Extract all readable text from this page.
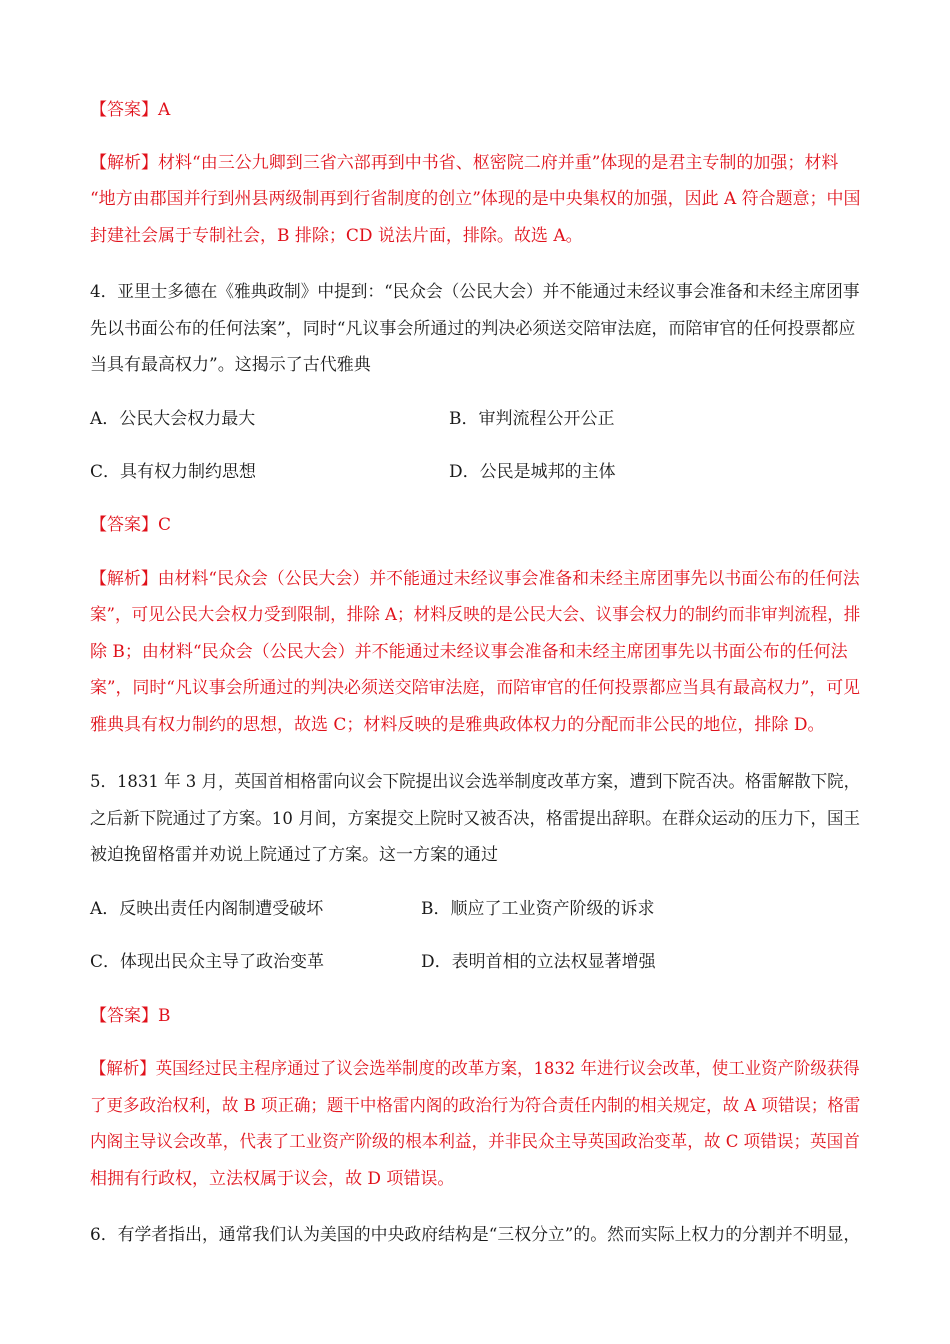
【答案】A
【解析】材料“由三公九卿到三省六部再到中书省、枢密院二府并重”体现的是君主专制的加强；材料
“地方由郡国并行到州县两级制再到行省制度的创立”体现的是中央集权的加强，因此 A 符合题意；中国
封建社会属于专制社会，B 排除；CD 说法片面，排除。故选 A。
4．亚里士多德在《雅典政制》中提到：“民众会（公民大会）并不能通过未经议事会准备和未经主席团事
先以书面公布的任何法案”，同时“凡议事会所通过的判决必须送交陪审法庭，而陪审官的任何投票都应
当具有最高权力”。这揭示了古代雅典
A．公民大会权力最大	B．审判流程公开公正
C．具有权力制约思想	D．公民是城邦的主体
【答案】C
【解析】由材料“民众会（公民大会）并不能通过未经议事会准备和未经主席团事先以书面公布的任何法
案”，可见公民大会权力受到限制，排除 A；材料反映的是公民大会、议事会权力的制约而非审判流程，排
除 B；由材料“民众会（公民大会）并不能通过未经议事会准备和未经主席团事先以书面公布的任何法
案”，同时“凡议事会所通过的判决必须送交陪审法庭，而陪审官的任何投票都应当具有最高权力”，可见
雅典具有权力制约的思想，故选 C；材料反映的是雅典政体权力的分配而非公民的地位，排除 D。
5．1831 年 3 月，英国首相格雷向议会下院提出议会选举制度改革方案，遭到下院否决。格雷解散下院，
之后新下院通过了方案。10 月间，方案提交上院时又被否决，格雷提出辞职。在群众运动的压力下，国王
被迫挽留格雷并劝说上院通过了方案。这一方案的通过
A．反映出责任内阁制遭受破坏	B．顺应了工业资产阶级的诉求
C．体现出民众主导了政治变革	D．表明首相的立法权显著增强
【答案】B
【解析】英国经过民主程序通过了议会选举制度的改革方案，1832 年进行议会改革，使工业资产阶级获得
了更多政治权利，故 B 项正确；题干中格雷内阁的政治行为符合责任内制的相关规定，故 A 项错误；格雷
内阁主导议会改革，代表了工业资产阶级的根本利益，并非民众主导英国政治变革，故 C 项错误；英国首
相拥有行政权，立法权属于议会，故 D 项错误。
6．有学者指出，通常我们认为美国的中央政府结构是“三权分立”的。然而实际上权力的分割并不明显，
